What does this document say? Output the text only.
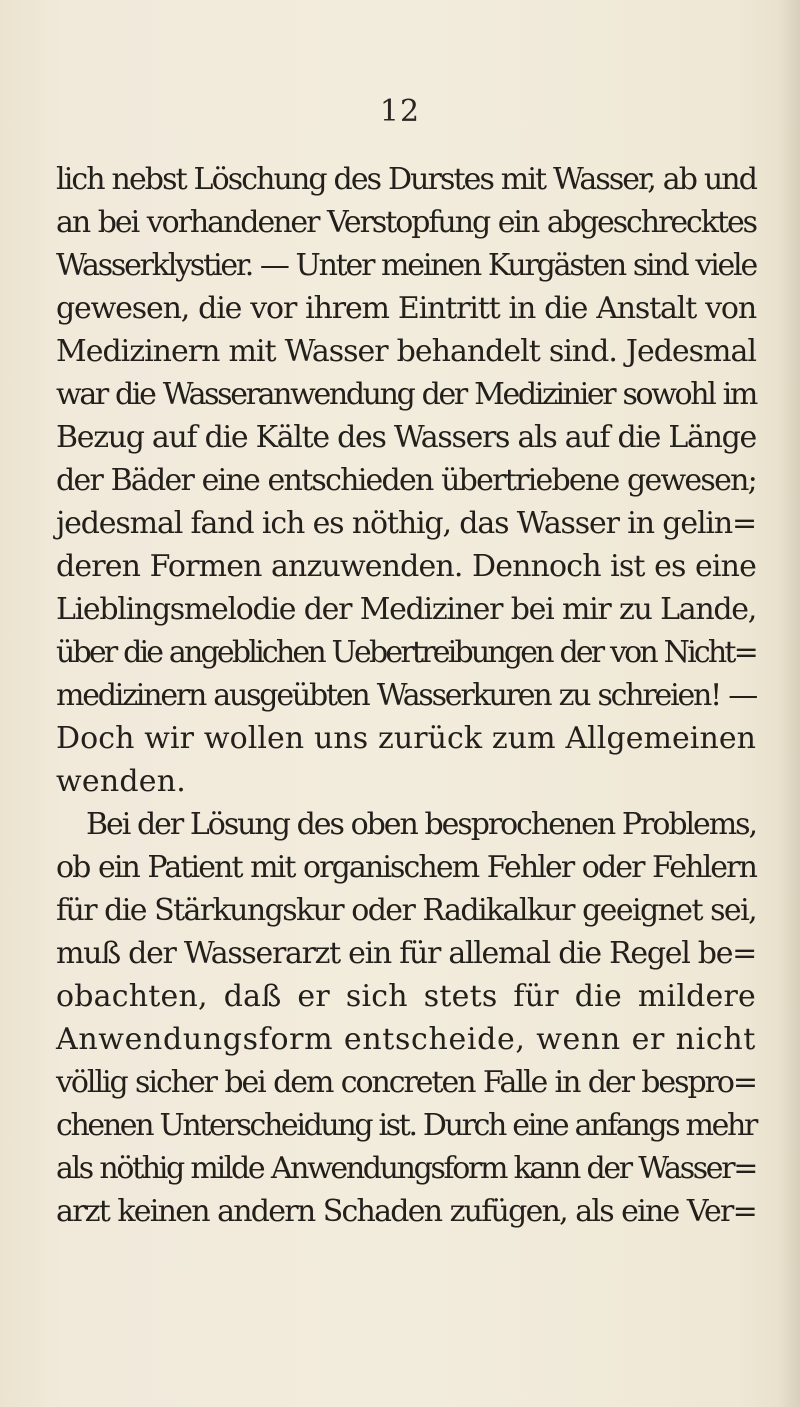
12
lich nebst Löschung des Durstes mit Wasser, ab und
an bei vorhandener Verstopfung ein abgeschrecktes
Wasserklystier. — Unter meinen Kurgästen sind viele
gewesen, die vor ihrem Eintritt in die Anstalt von
Medizinern mit Wasser behandelt sind. Jedesmal
war die Wasseranwendung der Medizinier sowohl im
Bezug auf die Kälte des Wassers als auf die Länge
der Bäder eine entschieden übertriebene gewesen;
jedesmal fand ich es nöthig, das Wasser in gelin=
deren Formen anzuwenden. Dennoch ist es eine
Lieblingsmelodie der Mediziner bei mir zu Lande,
über die angeblichen Uebertreibungen der von Nicht=
medizinern ausgeübten Wasserkuren zu schreien! —
Doch wir wollen uns zurück zum Allgemeinen
wenden.
Bei der Lösung des oben besprochenen Problems,
ob ein Patient mit organischem Fehler oder Fehlern
für die Stärkungskur oder Radikalkur geeignet sei,
muß der Wasserarzt ein für allemal die Regel be=
obachten, daß er sich stets für die mildere
Anwendungsform entscheide, wenn er nicht
völlig sicher bei dem concreten Falle in der bespro=
chenen Unterscheidung ist. Durch eine anfangs mehr
als nöthig milde Anwendungsform kann der Wasser=
arzt keinen andern Schaden zufügen, als eine Ver=
